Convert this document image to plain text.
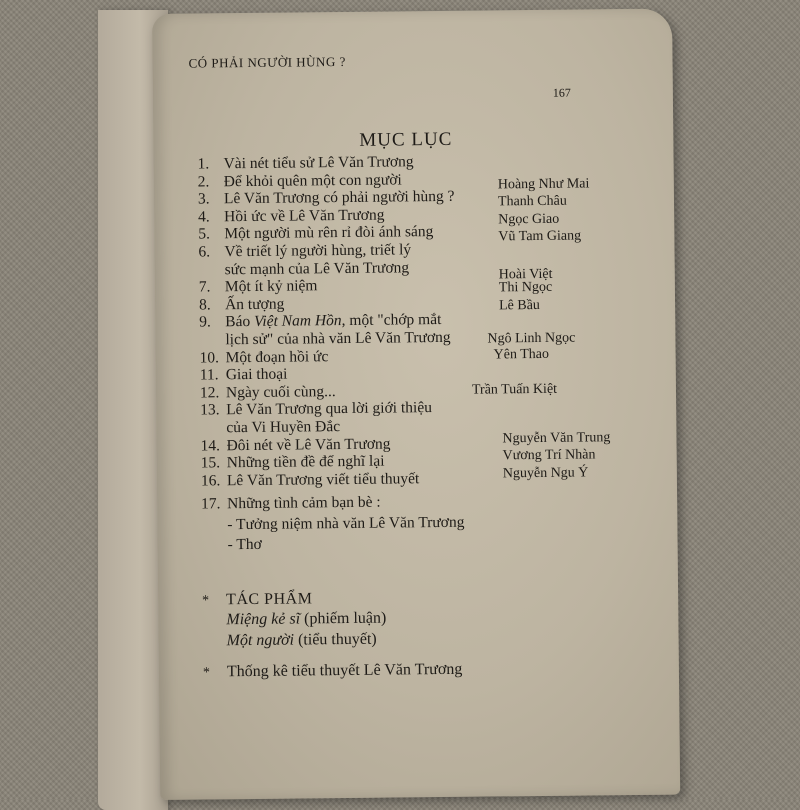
CÓ PHẢI NGƯỜI HÙNG ?
167
MỤC LỤC
1. Vài nét tiểu sử Lê Văn Trương
2. Để khỏi quên một con người	Hoàng Như Mai
3. Lê Văn Trương có phải người hùng ?	Thanh Châu
4. Hồi ức về Lê Văn Trương	Ngọc Giao
5. Một người mù rên rỉ đòi ánh sáng	Vũ Tam Giang
6. Về triết lý người hùng, triết lý
sức mạnh của Lê Văn Trương	Hoài Việt
7. Một ít kỷ niệm	Thi Ngọc
8. Ấn tượng	Lê Bầu
9. Báo Việt Nam Hồn, một "chớp mắt
lịch sử" của nhà văn Lê Văn Trương	Ngô Linh Ngọc
10. Một đoạn hồi ức	Yên Thao
11. Giai thoại
12. Ngày cuối cùng...	Trần Tuấn Kiệt
13. Lê Văn Trương qua lời giới thiệu
của Vi Huyền Đắc
14. Đôi nét về Lê Văn Trương	Nguyễn Văn Trung
15. Những tiền đề để nghĩ lại	Vương Trí Nhàn
16. Lê Văn Trương viết tiểu thuyết	Nguyễn Ngu Ý
17. Những tình cảm bạn bè :
- Tưởng niệm nhà văn Lê Văn Trương
- Thơ
* TÁC PHẨM
Miệng kẻ sĩ (phiếm luận)
Một người (tiểu thuyết)
* Thống kê tiểu thuyết Lê Văn Trương
